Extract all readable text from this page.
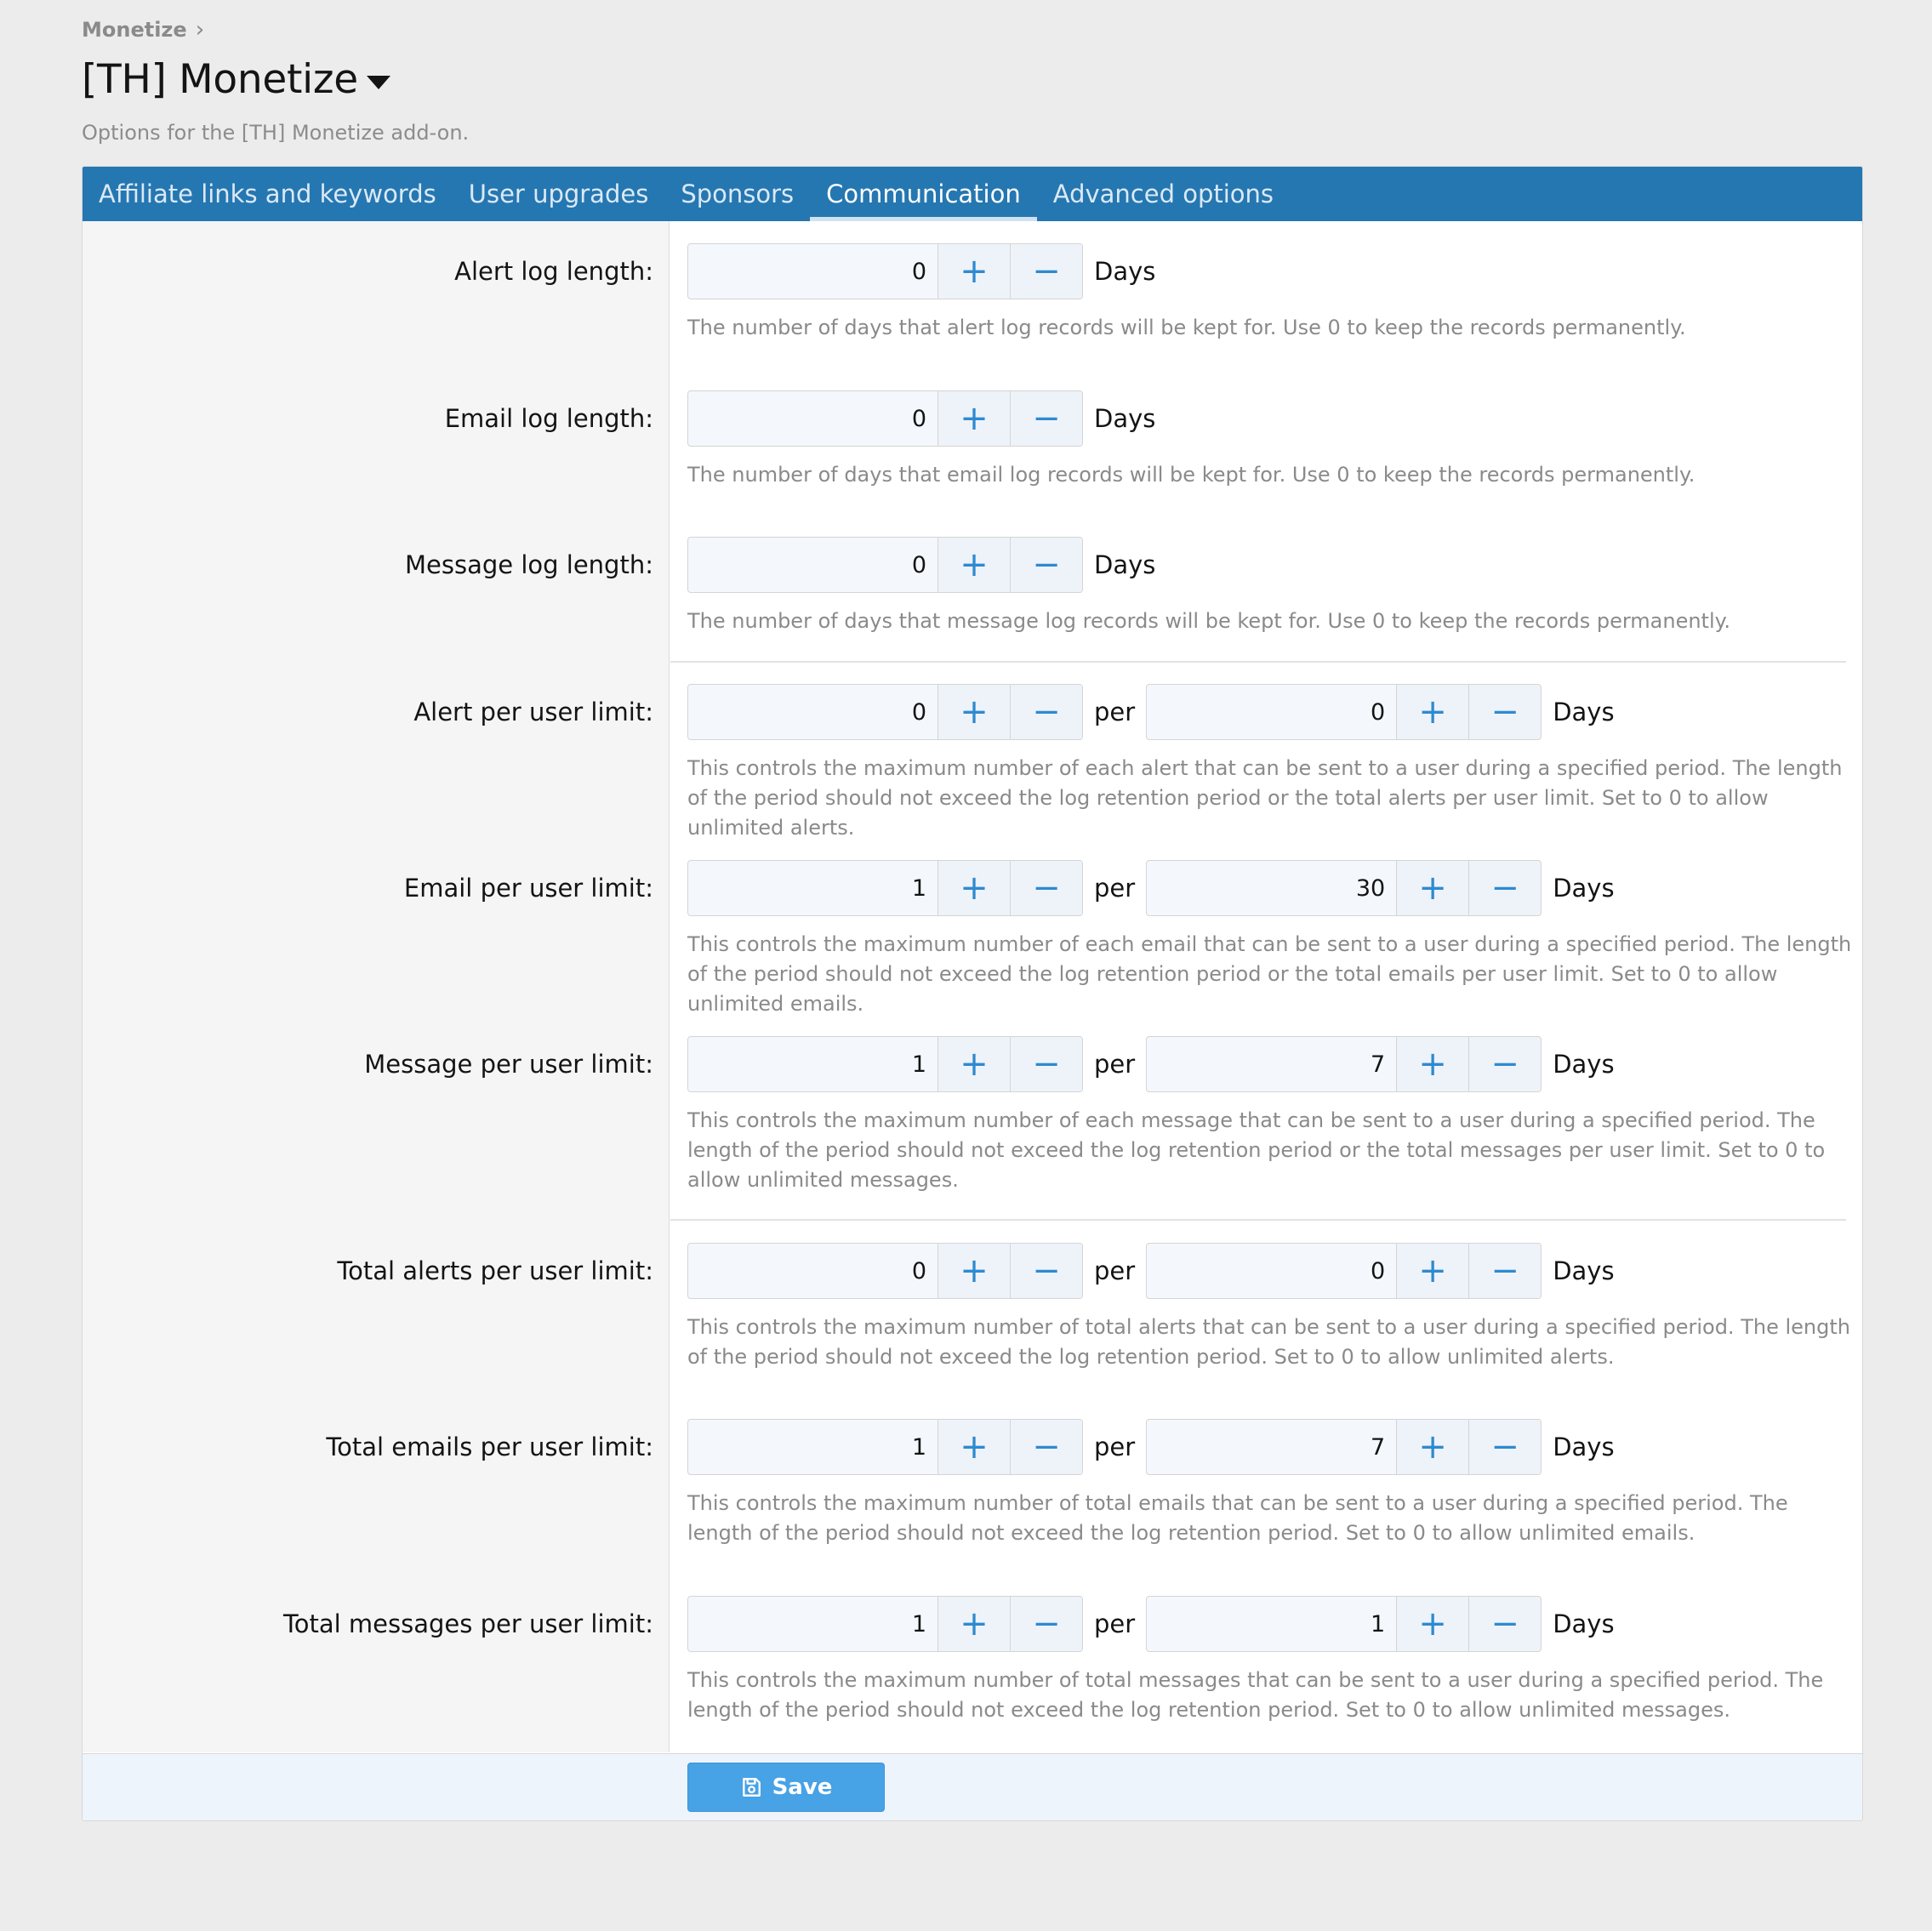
Monetize ›
[TH] Monetize
Options for the [TH] Monetize add-on.
Affiliate links and keywords	User upgrades	Sponsors	Communication	Advanced options
Alert log length:
0	+	−	Days
The number of days that alert log records will be kept for. Use 0 to keep the records permanently.
Email log length:
0	+	−	Days
The number of days that email log records will be kept for. Use 0 to keep the records permanently.
Message log length:
0	+	−	Days
The number of days that message log records will be kept for. Use 0 to keep the records permanently.
Alert per user limit:
0	+	−	per
0	+	−	Days
This controls the maximum number of each alert that can be sent to a user during a specified period. The length of the period should not exceed the log retention period or the total alerts per user limit. Set to 0 to allow unlimited alerts.
Email per user limit:
1	+	−	per
30	+	−	Days
This controls the maximum number of each email that can be sent to a user during a specified period. The length of the period should not exceed the log retention period or the total emails per user limit. Set to 0 to allow unlimited emails.
Message per user limit:
1	+	−	per
7	+	−	Days
This controls the maximum number of each message that can be sent to a user during a specified period. The length of the period should not exceed the log retention period or the total messages per user limit. Set to 0 to allow unlimited messages.
Total alerts per user limit:
0	+	−	per
0	+	−	Days
This controls the maximum number of total alerts that can be sent to a user during a specified period. The length of the period should not exceed the log retention period. Set to 0 to allow unlimited alerts.
Total emails per user limit:
1	+	−	per
7	+	−	Days
This controls the maximum number of total emails that can be sent to a user during a specified period. The length of the period should not exceed the log retention period. Set to 0 to allow unlimited emails.
Total messages per user limit:
1	+	−	per
1	+	−	Days
This controls the maximum number of total messages that can be sent to a user during a specified period. The length of the period should not exceed the log retention period. Set to 0 to allow unlimited messages.
Save
